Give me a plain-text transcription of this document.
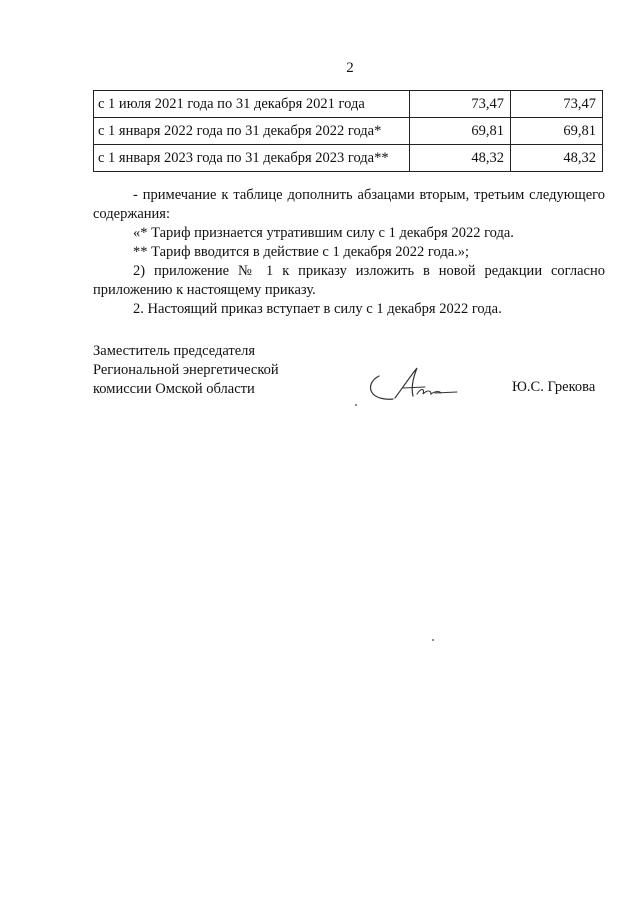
2
с 1 июля 2021 года по 31 декабря 2021 года	73,47	73,47
с 1 января 2022 года по 31 декабря 2022 года*	69,81	69,81
с 1 января 2023 года по 31 декабря 2023 года**	48,32	48,32

- примечание к таблице дополнить абзацами вторым, третьим следующего содержания:

«* Тариф признается утратившим силу с 1 декабря 2022 года.

** Тариф вводится в действие с 1 декабря 2022 года.»;

2) приложение № 1 к приказу изложить в новой редакции согласно приложению к настоящему приказу.

2. Настоящий приказ вступает в силу с 1 декабря 2022 года.

Заместитель председателя
Региональной энергетической
комиссии Омской области	Ю.С. Грекова
